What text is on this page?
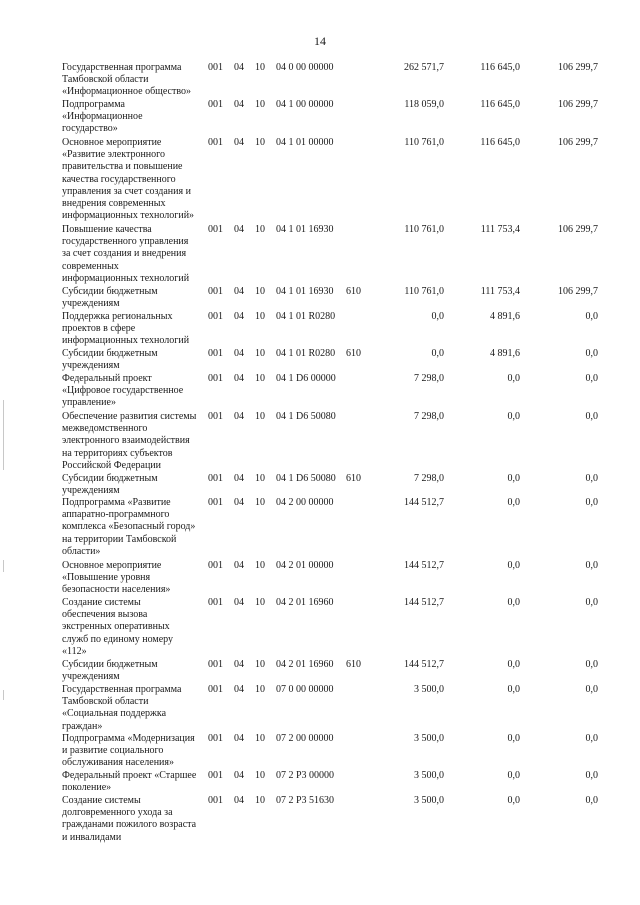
14
Государственная программа
Тамбовской области
«Информационное общество»
001 04 10 04 0 00 00000	262 571,7	116 645,0	106 299,7
Подпрограмма
«Информационное
государство»
001 04 10 04 1 00 00000	118 059,0	116 645,0	106 299,7
Основное мероприятие
«Развитие электронного
правительства и повышение
качества государственного
управления за счет создания и
внедрения современных
информационных технологий»
001 04 10 04 1 01 00000	110 761,0	116 645,0	106 299,7
Повышение качества
государственного управления
за счет создания и внедрения
современных
информационных технологий
001 04 10 04 1 01 16930	110 761,0	111 753,4	106 299,7
Субсидии бюджетным
учреждениям
001 04 10 04 1 01 16930 610	110 761,0	111 753,4	106 299,7
Поддержка региональных
проектов в сфере
информационных технологий
001 04 10 04 1 01 R0280	0,0	4 891,6	0,0
Субсидии бюджетным
учреждениям
001 04 10 04 1 01 R0280 610	0,0	4 891,6	0,0
Федеральный проект
«Цифровое государственное
управление»
001 04 10 04 1 D6 00000	7 298,0	0,0	0,0
Обеспечение развития системы
межведомственного
электронного взаимодействия
на территориях субъектов
Российской Федерации
001 04 10 04 1 D6 50080	7 298,0	0,0	0,0
Субсидии бюджетным
учреждениям
001 04 10 04 1 D6 50080 610	7 298,0	0,0	0,0
Подпрограмма «Развитие
аппаратно-программного
комплекса «Безопасный город»
на территории Тамбовской
области»
001 04 10 04 2 00 00000	144 512,7	0,0	0,0
Основное мероприятие
«Повышение уровня
безопасности населения»
001 04 10 04 2 01 00000	144 512,7	0,0	0,0
Создание системы
обеспечения вызова
экстренных оперативных
служб по единому номеру
«112»
001 04 10 04 2 01 16960	144 512,7	0,0	0,0
Субсидии бюджетным
учреждениям
001 04 10 04 2 01 16960 610	144 512,7	0,0	0,0
Государственная программа
Тамбовской области
«Социальная поддержка
граждан»
001 04 10 07 0 00 00000	3 500,0	0,0	0,0
Подпрограмма «Модернизация
и развитие социального
обслуживания населения»
001 04 10 07 2 00 00000	3 500,0	0,0	0,0
Федеральный проект «Старшее
поколение»
001 04 10 07 2 P3 00000	3 500,0	0,0	0,0
Создание системы
долговременного ухода за
гражданами пожилого возраста
и инвалидами
001 04 10 07 2 P3 51630	3 500,0	0,0	0,0
